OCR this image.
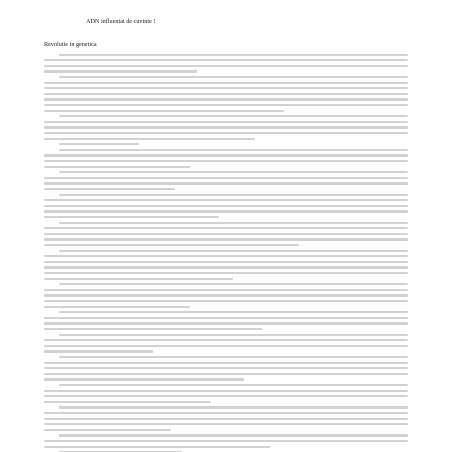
ADN influentat de cuvinte !
Revolutie in genetica
